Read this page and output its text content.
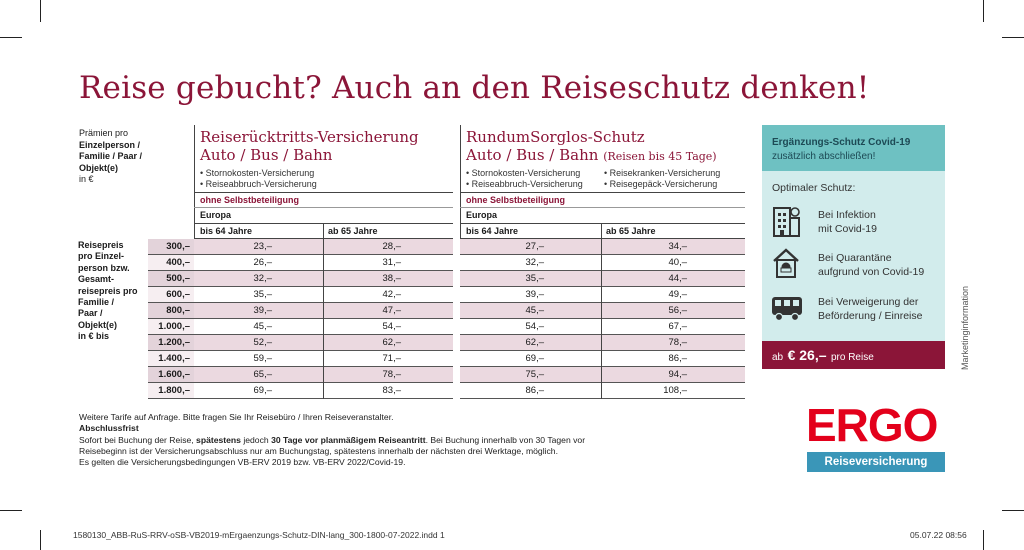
Reise gebucht? Auch an den Reiseschutz denken!
Prämien pro
Einzelperson /
Familie / Paar /
Objekt(e)
in €
Reiserücktritts-Versicherung
Auto / Bus / Bahn
• Stornokosten-Versicherung
• Reiseabbruch-Versicherung
ohne Selbstbeteiligung
Europa
bis 64 Jahre	ab 65 Jahre
RundumSorglos-Schutz
Auto / Bus / Bahn (Reisen bis 45 Tage)
• Stornokosten-Versicherung
• Reiseabbruch-Versicherung
• Reisekranken-Versicherung
• Reisegepäck-Versicherung
ohne Selbstbeteiligung
Europa
bis 64 Jahre	ab 65 Jahre
Reisepreis
pro Einzel-
person bzw.
Gesamt-
reisepreis pro
Familie /
Paar /
Objekt(e)
in € bis
300,–	23,–	28,–	27,–	34,–
400,–	26,–	31,–	32,–	40,–
500,–	32,–	38,–	35,–	44,–
600,–	35,–	42,–	39,–	49,–
800,–	39,–	47,–	45,–	56,–
1.000,–	45,–	54,–	54,–	67,–
1.200,–	52,–	62,–	62,–	78,–
1.400,–	59,–	71,–	69,–	86,–
1.600,–	65,–	78,–	75,–	94,–
1.800,–	69,–	83,–	86,–	108,–
Ergänzungs-Schutz Covid-19
zusätzlich abschließen!
Optimaler Schutz:
Bei Infektion
mit Covid-19
Bei Quarantäne
aufgrund von Covid-19
Bei Verweigerung der
Beförderung / Einreise
ab € 26,– pro Reise	Marketinginformation
Weitere Tarife auf Anfrage. Bitte fragen Sie Ihr Reisebüro / Ihren Reiseveranstalter.
Abschlussfrist
Sofort bei Buchung der Reise, spätestens jedoch 30 Tage vor planmäßigem Reiseantritt. Bei Buchung innerhalb von 30 Tagen vor
Reisebeginn ist der Versicherungsabschluss nur am Buchungstag, spätestens innerhalb der nächsten drei Werktage, möglich.
Es gelten die Versicherungsbedingungen VB-ERV 2019 bzw. VB-ERV 2022/Covid-19.
ERGO
Reiseversicherung
1580130_ABB-RuS-RRV-oSB-VB2019-mErgaenzungs-Schutz-DIN-lang_300-1800-07-2022.indd 1	05.07.22 08:56
